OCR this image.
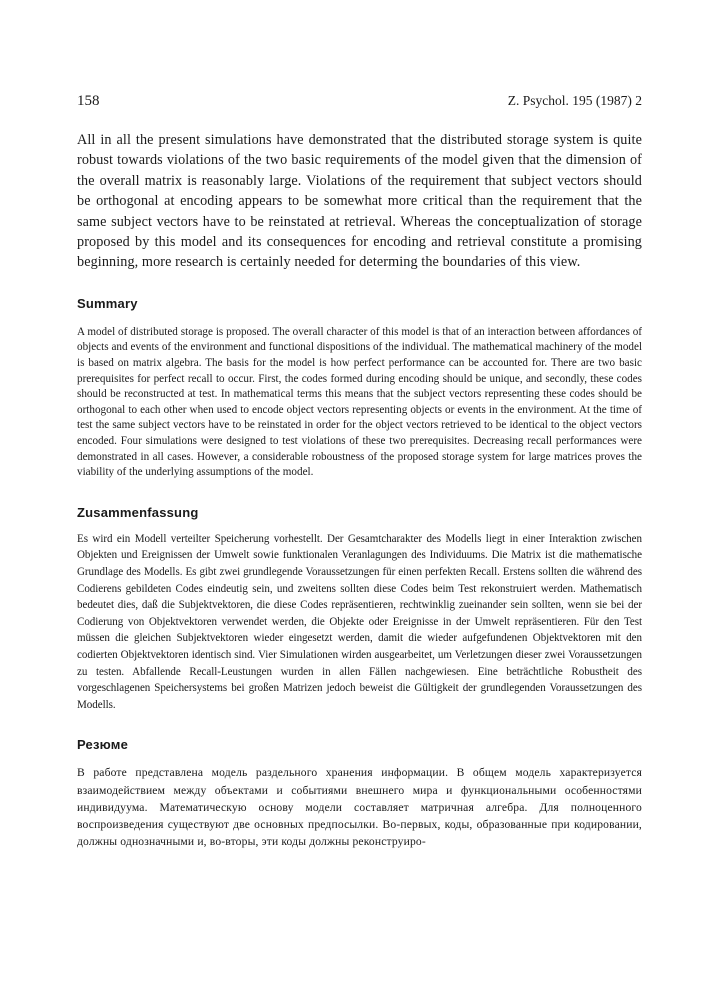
158	Z. Psychol. 195 (1987) 2

All in all the present simulations have demonstrated that the distributed storage system is quite robust towards violations of the two basic requirements of the model given that the dimension of the overall matrix is reasonably large. Violations of the requirement that subject vectors should be orthogonal at encoding appears to be somewhat more critical than the requirement that the same subject vectors have to be reinstated at retrieval. Whereas the conceptualization of storage proposed by this model and its consequences for encoding and retrieval constitute a promising beginning, more research is certainly needed for determing the boundaries of this view.

Summary

A model of distributed storage is proposed. The overall character of this model is that of an interaction between affordances of objects and events of the environment and functional dispositions of the individual. The mathematical machinery of the model is based on matrix algebra. The basis for the model is how perfect performance can be accounted for. There are two basic prerequisites for perfect recall to occur. First, the codes formed during encoding should be unique, and secondly, these codes should be reconstructed at test. In mathematical terms this means that the subject vectors representing these codes should be orthogonal to each other when used to encode object vectors representing objects or events in the environment. At the time of test the same subject vectors have to be reinstated in order for the object vectors retrieved to be identical to the object vectors encoded. Four simulations were designed to test violations of these two prerequisites. Decreasing recall performances were demonstrated in all cases. However, a considerable roboustness of the proposed storage system for large matrices proves the viability of the underlying assumptions of the model.

Zusammenfassung

Es wird ein Modell verteilter Speicherung vorhestellt. Der Gesamtcharakter des Modells liegt in einer Interaktion zwischen Objekten und Ereignissen der Umwelt sowie funktionalen Veranlagungen des Individuums. Die Matrix ist die mathematische Grundlage des Modells. Es gibt zwei grundlegende Voraussetzungen für einen perfekten Recall. Erstens sollten die während des Codierens gebildeten Codes eindeutig sein, und zweitens sollten diese Codes beim Test rekonstruiert werden. Mathematisch bedeutet dies, daß die Subjektvektoren, die diese Codes repräsentieren, rechtwinklig zueinander sein sollten, wenn sie bei der Codierung von Objektvektoren verwendet werden, die Objekte oder Ereignisse in der Umwelt repräsentieren. Für den Test müssen die gleichen Subjektvektoren wieder eingesetzt werden, damit die wieder aufgefundenen Objektvektoren mit den codierten Objektvektoren identisch sind. Vier Simulationen wirden ausgearbeitet, um Verletzungen dieser zwei Voraussetzungen zu testen. Abfallende Recall-Leustungen wurden in allen Fällen nachgewiesen. Eine beträchtliche Robustheit des vorgeschlagenen Speichersystems bei großen Matrizen jedoch beweist die Gültigkeit der grundlegenden Voraussetzungen des Modells.

Резюме

В работе представлена модель раздельного хранения информации. В общем модель характеризуется взаимодействием между объектами и событиями внешнего мира и функциональными особенностями индивидуума. Математическую основу модели составляет матричная алгебра. Для полноценного воспроизведения существуют две основных предпосылки. Во-первых, коды, образованные при кодировании, должны однозначными и, во-вторы, эти коды должны реконструиро-
